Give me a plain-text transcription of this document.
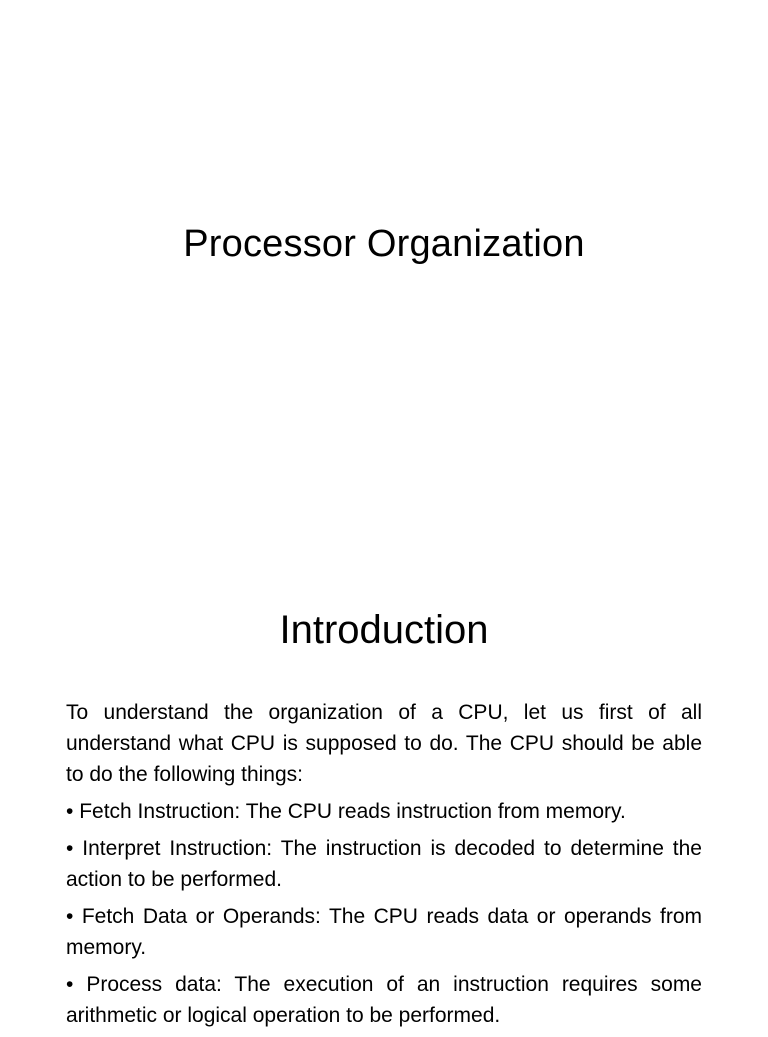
Processor Organization
Introduction

To understand the organization of a CPU, let us first of all understand what CPU is supposed to do. The CPU should be able to do the following things:

• Fetch Instruction: The CPU reads instruction from memory.

• Interpret Instruction: The instruction is decoded to determine the action to be performed.

• Fetch Data or Operands: The CPU reads data or operands from memory.

• Process data: The execution of an instruction requires some arithmetic or logical operation to be performed.
